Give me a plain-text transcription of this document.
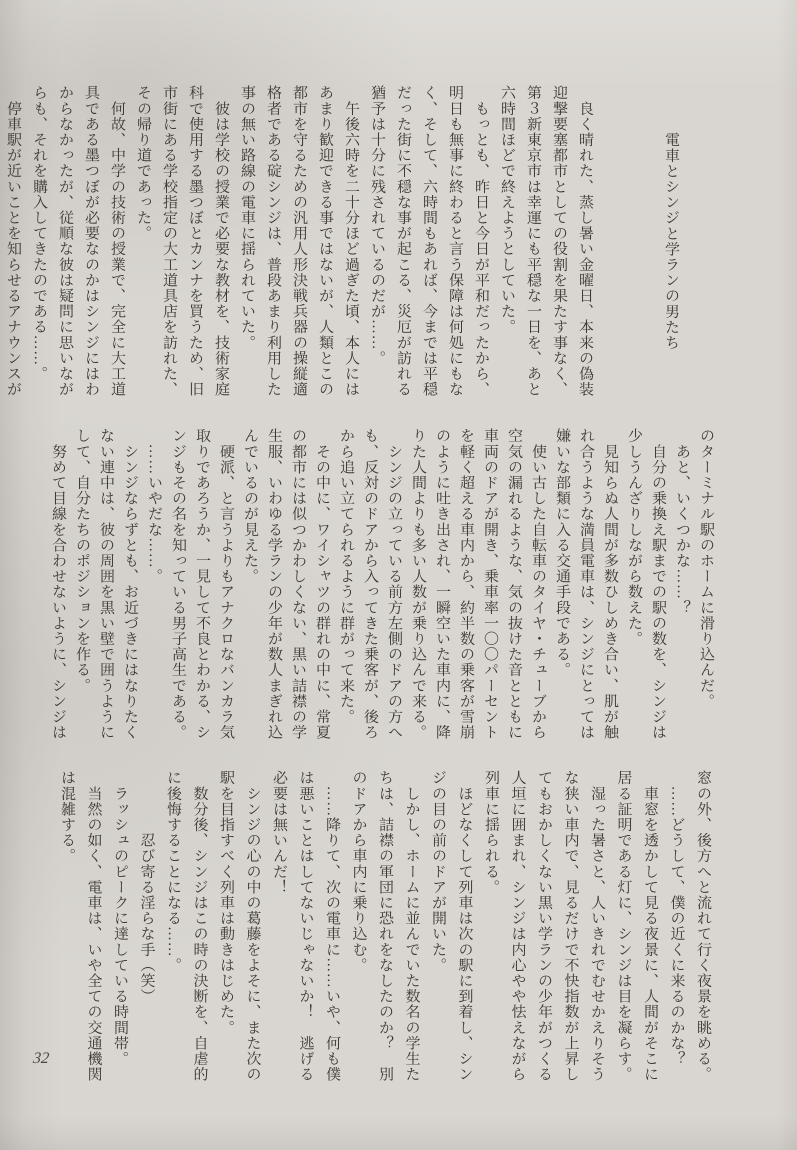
電車とシンジと学ランの男たち

　良く晴れた、蒸し暑い金曜日、本来の偽装
迎撃要塞都市としての役割を果たす事なく、
第３新東京市は幸運にも平穏な一日を、あと
六時間ほどで終えようとしていた。
　もっとも、昨日と今日が平和だったから、
明日も無事に終わると言う保障は何処にもな
く、そして、六時間もあれば、今までは平穏
だった街に不穏な事が起こる、災厄が訪れる
猶予は十分に残されているのだが……。
　午後六時を二十分ほど過ぎた頃、本人には
あまり歓迎できる事ではないが、人類とこの
都市を守るための汎用人形決戦兵器の操縦適
格者である碇シンジは、普段あまり利用した
事の無い路線の電車に揺られていた。
　彼は学校の授業で必要な教材を、技術家庭
科で使用する墨つぼとカンナを買うため、旧
市街にある学校指定の大工道具店を訪れた、
その帰り道であった。
　何故、中学の技術の授業で、完全に大工道
具である墨つぼが必要なのかはシンジにはわ
からなかったが、従順な彼は疑問に思いなが
らも、それを購入してきたのである……。
　停車駅が近いことを知らせるアナウンスが
のターミナル駅のホームに滑り込んだ。
　あと、いくつかな……？
　自分の乗換え駅までの駅の数を、シンジは
少しうんざりしながら数えた。
　見知らぬ人間が多数ひしめき合い、肌が触
れ合うような満員電車は、シンジにとっては
嫌いな部類に入る交通手段である。
　使い古した自転車のタイヤ・チューブから
空気の漏れるような、気の抜けた音とともに
車両のドアが開き、乗車率一〇〇パーセント
を軽く超える車内から、約半数の乗客が雪崩
のように吐き出され、一瞬空いた車内に、降
りた人間よりも多い人数が乗り込んで来る。
　シンジの立っている前方左側のドアの方へ
も、反対のドアから入ってきた乗客が、後ろ
から追い立てられるように群がって来た。
　その中に、ワイシャツの群れの中に、常夏
の都市には似つかわしくない、黒い詰襟の学
生服、いわゆる学ランの少年が数人まぎれ込
んでいるのが見えた。
　硬派、と言うよりもアナクロなバンカラ気
取りであろうか、一見して不良とわかる、シ
ンジもその名を知っている男子高生である。
　……いやだな……。
　シンジならずとも、お近づきにはなりたく
ない連中は、彼の周囲を黒い壁で囲うように
して、自分たちのポジションを作る。
　努めて目線を合わせないように、シンジは
窓の外、後方へと流れて行く夜景を眺める。
　……どうして、僕の近くに来るのかな？
　車窓を透かして見る夜景に、人間がそこに
居る証明である灯に、シンジは目を凝らす。
　湿った暑さと、人いきれでむせかえりそう
な狭い車内で、見るだけで不快指数が上昇し
てもおかしくない黒い学ランの少年がつくる
人垣に囲まれ、シンジは内心やや怯えながら
列車に揺られる。
　ほどなくして列車は次の駅に到着し、シン
ジの目の前のドアが開いた。
　しかし、ホームに並んでいた数名の学生た
ちは、詰襟の軍団に恐れをなしたのか？　別
のドアから車内に乗り込む。
　……降りて、次の電車に……いや、何も僕
は悪いことはしてないじゃないか！　逃げる
必要は無いんだ！
　シンジの心の中の葛藤をよそに、また次の
駅を目指すべく列車は動きはじめた。
　数分後、シンジはこの時の決断を、自虐的
に後悔することになる……。
　　　　忍び寄る淫らな手（笑）
　ラッシュのピークに達している時間帯。
　当然の如く、電車は、いや全ての交通機関
は混雑する。
32
